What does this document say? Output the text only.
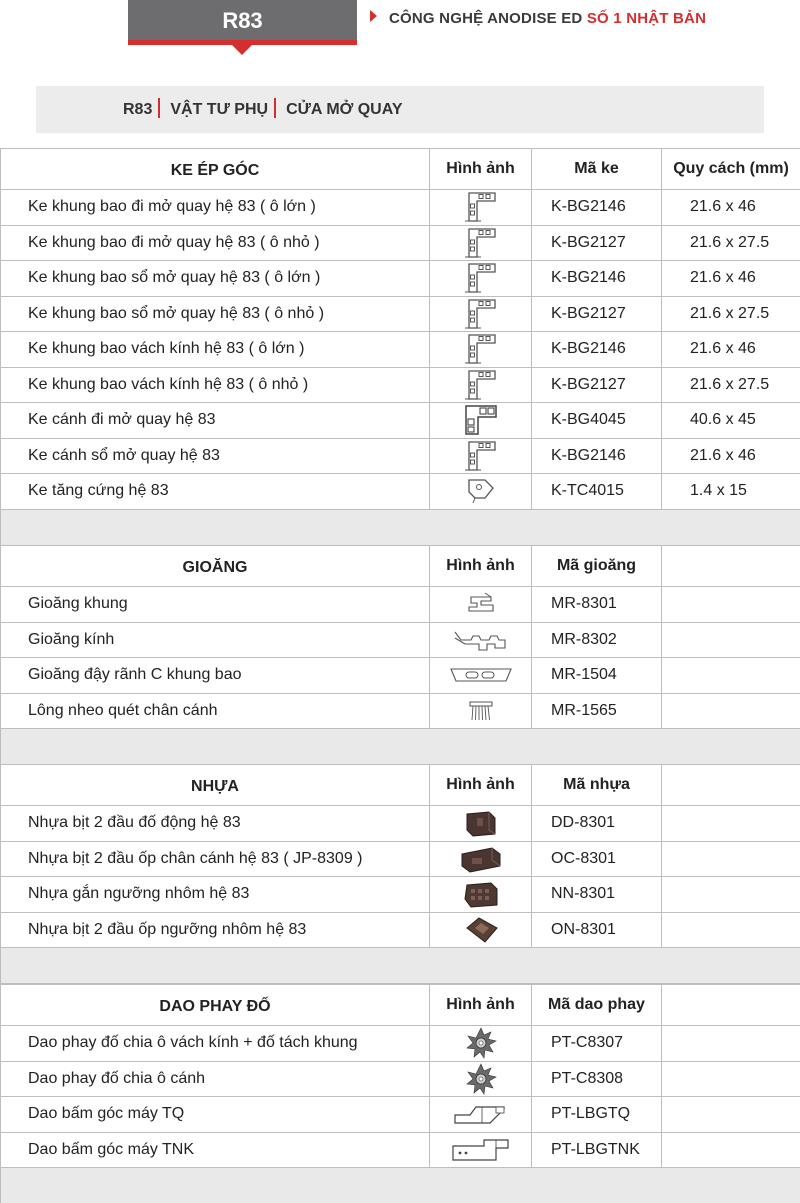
R83	CÔNG NGHỆ ANODISE ED SỐ 1 NHẬT BẢN
R83 VẬT TƯ PHỤ CỬA MỞ QUAY
KE ÉP GÓC	Hình ảnh	Mã ke	Quy cách (mm)
Ke khung bao đi mở quay hệ 83 ( ô lớn )		K-BG2146	21.6 x 46
Ke khung bao đi mở quay hệ 83 ( ô nhỏ )		K-BG2127	21.6 x 27.5
Ke khung bao sổ mở quay hệ 83 ( ô lớn )		K-BG2146	21.6 x 46
Ke khung bao sổ mở quay hệ 83 ( ô nhỏ )		K-BG2127	21.6 x 27.5
Ke khung bao vách kính hệ 83 ( ô lớn )		K-BG2146	21.6 x 46
Ke khung bao vách kính hệ 83 ( ô nhỏ )		K-BG2127	21.6 x 27.5
Ke cánh đi mở quay hệ 83		K-BG4045	40.6 x 45
Ke cánh sổ mở quay hệ 83		K-BG2146	21.6 x 46
Ke tăng cứng hệ 83		K-TC4015	1.4 x 15

GIOĂNG	Hình ảnh	Mã gioăng	
Gioăng khung		MR-8301	
Gioăng kính		MR-8302	
Gioăng đậy rãnh C khung bao		MR-1504	
Lông nheo quét chân cánh		MR-1565	

NHỰA	Hình ảnh	Mã nhựa	
Nhựa bịt 2 đầu đố động hệ 83		DD-8301	
Nhựa bịt 2 đầu ốp chân cánh hệ 83 ( JP-8309 )		OC-8301	
Nhựa gắn ngưỡng nhôm hệ 83		NN-8301	
Nhựa bịt 2 đầu ốp ngưỡng nhôm hệ 83		ON-8301	

DAO PHAY ĐỐ	Hình ảnh	Mã dao phay	
Dao phay đố chia ô vách kính + đố tách khung		PT-C8307	
Dao phay đố chia ô cánh		PT-C8308	
Dao bấm góc máy TQ		PT-LBGTQ	
Dao bấm góc máy TNK		PT-LBGTNK	
